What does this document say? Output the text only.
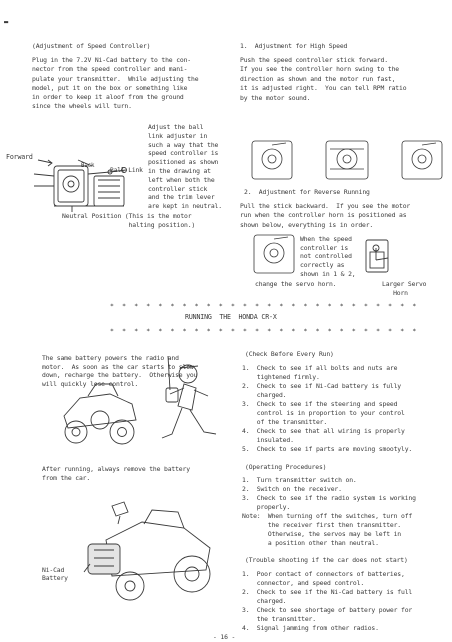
▬
(Adjustment of Speed Controller)
Plug in the 7.2V Ni-Cad battery to the con-
nector from the speed controller and mani-
pulate your transmitter.  While adjusting the
model, put it on the box or something like
in order to keep it aloof from the ground
since the wheels will turn.
Forward
Back
Ball Link
Adjust the ball
link adjuster in
such a way that the
speed controller is
positioned as shown
in the drawing at
left when both the
controller stick
and the trim lever
are kept in neutral.
Neutral Position (This is the motor
halting position.)
1.  Adjustment for High Speed
Push the speed controller stick forward.
If you see the controller horn swing to the
direction as shown and the motor run fast,
it is adjusted right.  You can tell RPM ratio
by the motor sound.
2.  Adjustment for Reverse Running
Pull the stick backward.  If you see the motor
run when the controller horn is positioned as
shown below, everything is in order.
When the speed
controller is
not controlled
correctly as
shown in 1 & 2,
change the servo horn.	Larger Servo
Horn
* * * * * * * * * * * * * * * * * * * * * * * * * *
RUNNING  THE  HONDA CR-X
* * * * * * * * * * * * * * * * * * * * * * * * * *
The same battery powers the radio and
motor.  As soon as the car starts to slow
down, recharge the battery.  Otherwise you
will quickly lose control.
After running, always remove the battery
from the car.
Ni-Cad
Battery
(Check Before Every Run)
1.  Check to see if all bolts and nuts are
tightened firmly.
2.  Check to see if Ni-Cad battery is fully
charged.
3.  Check to see if the steering and speed
control is in proportion to your control
of the transmitter.
4.  Check to see that all wiring is properly
insulated.
5.  Check to see if parts are moving smootyly.
(Operating Procedures)
1.  Turn transmitter switch on.
2.  Switch on the receiver.
3.  Check to see if the radio system is working
properly.
Note:  When turning off the switches, turn off
the receiver first then transmitter.
Otherwise, the servos may be left in
a position other than neutral.
(Trouble shooting if the car does not start)
1.  Poor contact of connectors of batteries,
connector, and speed control.
2.  Check to see if the Ni-Cad battery is full
charged.
3.  Check to see shortage of battery power for
the transmitter.
4.  Signal jamming from other radios.
- 16 -
